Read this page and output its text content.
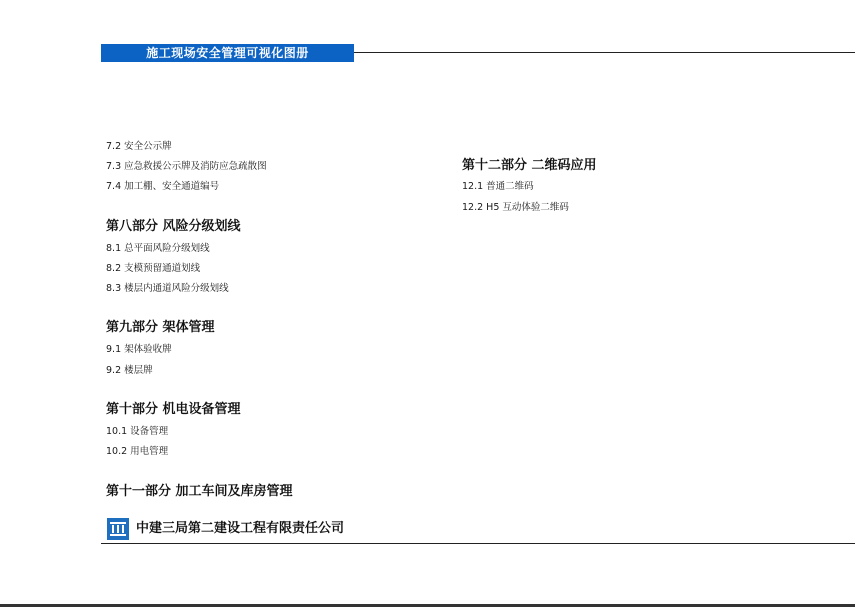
施工现场安全管理可视化图册
7.2 安全公示牌
7.3 应急救援公示牌及消防应急疏散图
7.4 加工棚、安全通道编号
第八部分 风险分级划线
8.1 总平面风险分级划线
8.2 支模预留通道划线
8.3 楼层内通道风险分级划线
第九部分 架体管理
9.1 架体验收牌
9.2 楼层牌
第十部分 机电设备管理
10.1 设备管理
10.2 用电管理
第十一部分 加工车间及库房管理
第十二部分 二维码应用
12.1 普通二维码
12.2 H5 互动体验二维码
中建三局第二建设工程有限责任公司
